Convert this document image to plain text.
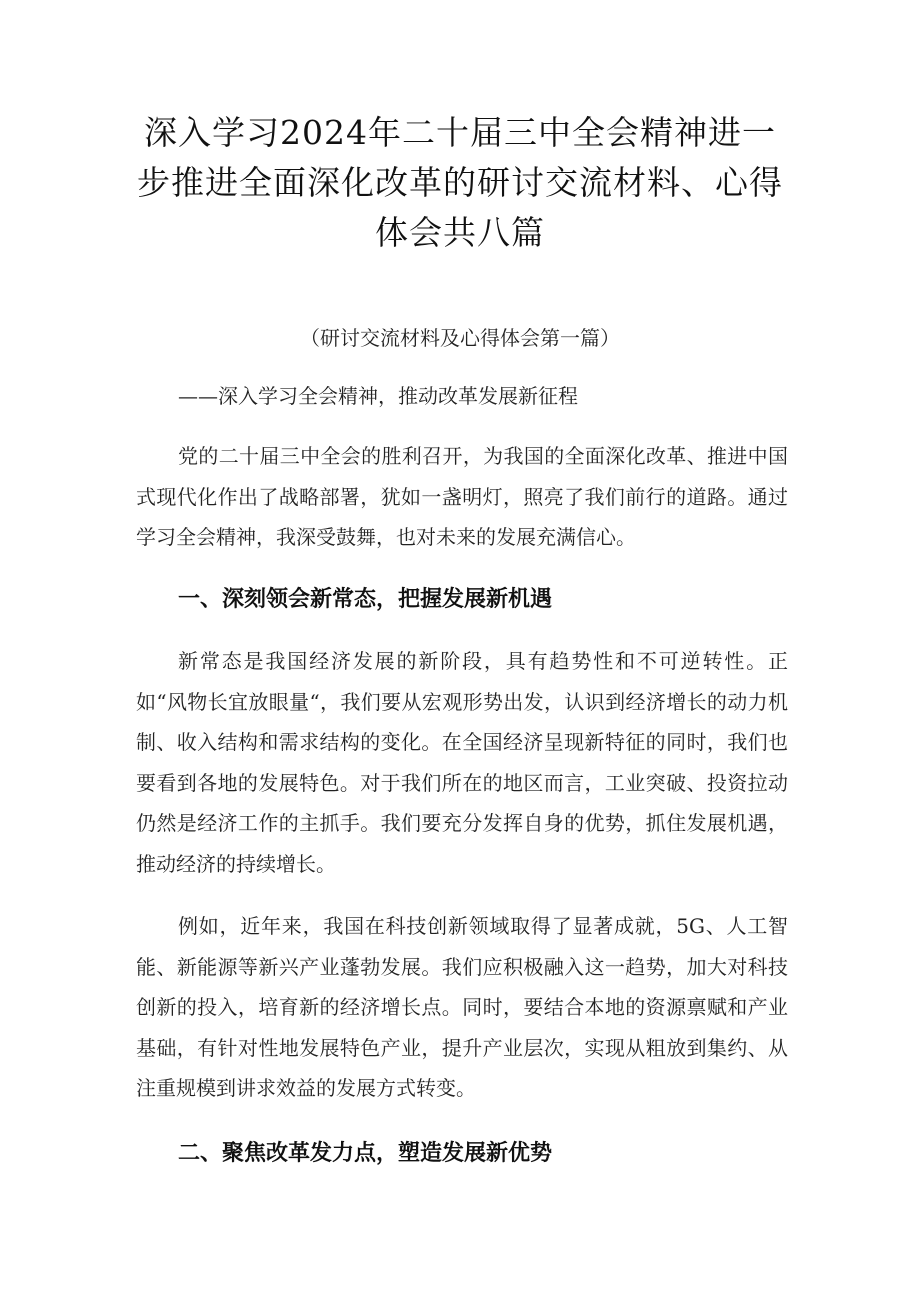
深入学习2024年二十届三中全会精神进一步推进全面深化改革的研讨交流材料、心得体会共八篇
（研讨交流材料及心得体会第一篇）
——深入学习全会精神，推动改革发展新征程

党的二十届三中全会的胜利召开，为我国的全面深化改革、推进中国式现代化作出了战略部署，犹如一盏明灯，照亮了我们前行的道路。通过学习全会精神，我深受鼓舞，也对未来的发展充满信心。

一、深刻领会新常态，把握发展新机遇

新常态是我国经济发展的新阶段，具有趋势性和不可逆转性。正如“风物长宜放眼量“，我们要从宏观形势出发，认识到经济增长的动力机制、收入结构和需求结构的变化。在全国经济呈现新特征的同时，我们也要看到各地的发展特色。对于我们所在的地区而言，工业突破、投资拉动仍然是经济工作的主抓手。我们要充分发挥自身的优势，抓住发展机遇，推动经济的持续增长。

例如，近年来，我国在科技创新领域取得了显著成就，5G、人工智能、新能源等新兴产业蓬勃发展。我们应积极融入这一趋势，加大对科技创新的投入，培育新的经济增长点。同时，要结合本地的资源禀赋和产业基础，有针对性地发展特色产业，提升产业层次，实现从粗放到集约、从注重规模到讲求效益的发展方式转变。

二、聚焦改革发力点，塑造发展新优势
